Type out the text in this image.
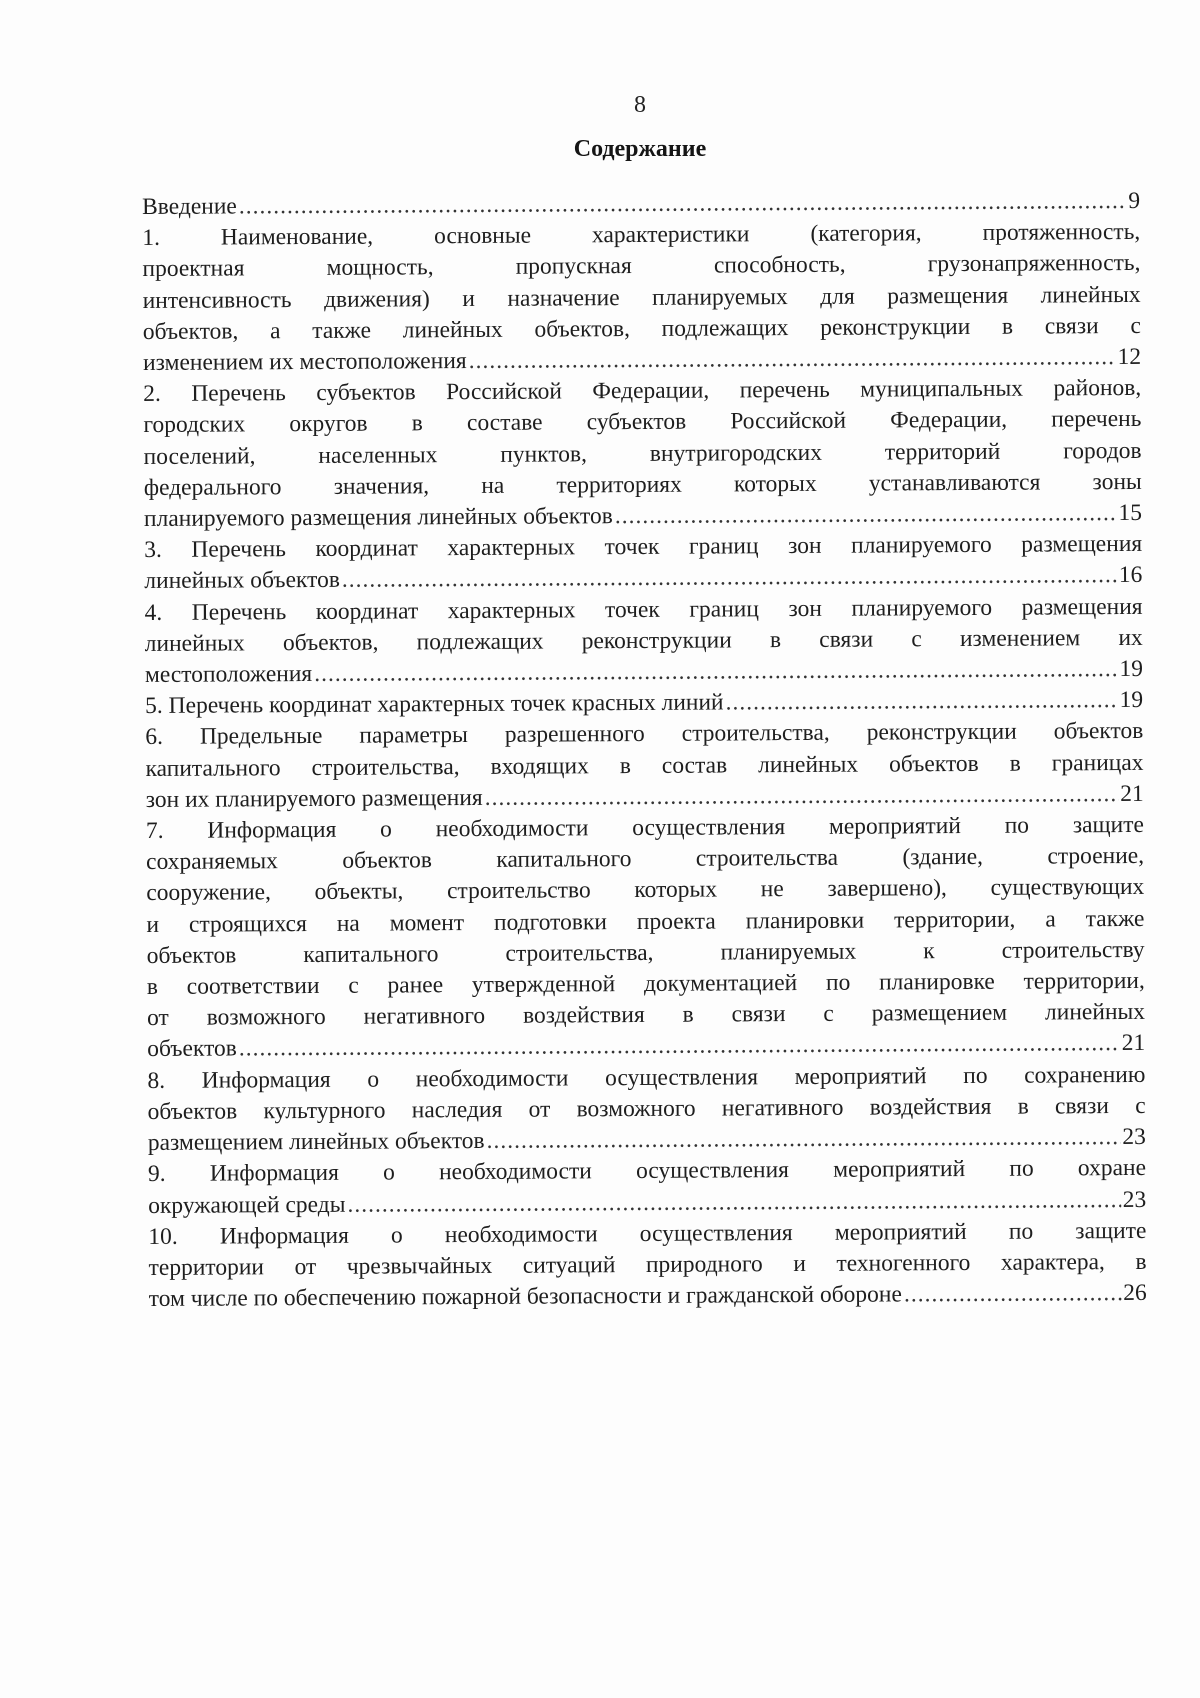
8
Содержание
Введение .....	9
1. Наименование, основные характеристики (категория, протяженность,
проектная мощность, пропускная способность, грузонапряженность,
интенсивность движения) и назначение планируемых для размещения линейных
объектов, а также линейных объектов, подлежащих реконструкции в связи с
изменением их местоположения .....	12
2. Перечень субъектов Российской Федерации, перечень муниципальных районов,
городских округов в составе субъектов Российской Федерации, перечень
поселений, населенных пунктов, внутригородских территорий городов
федерального значения, на территориях которых устанавливаются зоны
планируемого размещения линейных объектов .....	15
3. Перечень координат характерных точек границ зон планируемого размещения
линейных объектов .....	16
4. Перечень координат характерных точек границ зон планируемого размещения
линейных объектов, подлежащих реконструкции в связи с изменением их
местоположения .....	19
5. Перечень координат характерных точек красных линий .....	19
6. Предельные параметры разрешенного строительства, реконструкции объектов
капитального строительства, входящих в состав линейных объектов в границах
зон их планируемого размещения .....	21
7. Информация о необходимости осуществления мероприятий по защите
сохраняемых объектов капитального строительства (здание, строение,
сооружение, объекты, строительство которых не завершено), существующих
и строящихся на момент подготовки проекта планировки территории, а также
объектов капитального строительства, планируемых к строительству
в соответствии с ранее утвержденной документацией по планировке территории,
от возможного негативного воздействия в связи с размещением линейных
объектов .....	21
8. Информация о необходимости осуществления мероприятий по сохранению
объектов культурного наследия от возможного негативного воздействия в связи с
размещением линейных объектов .....	23
9. Информация о необходимости осуществления мероприятий по охране
окружающей среды .....	23
10. Информация о необходимости осуществления мероприятий по защите
территории от чрезвычайных ситуаций природного и техногенного характера, в
том числе по обеспечению пожарной безопасности и гражданской обороне .....	26
